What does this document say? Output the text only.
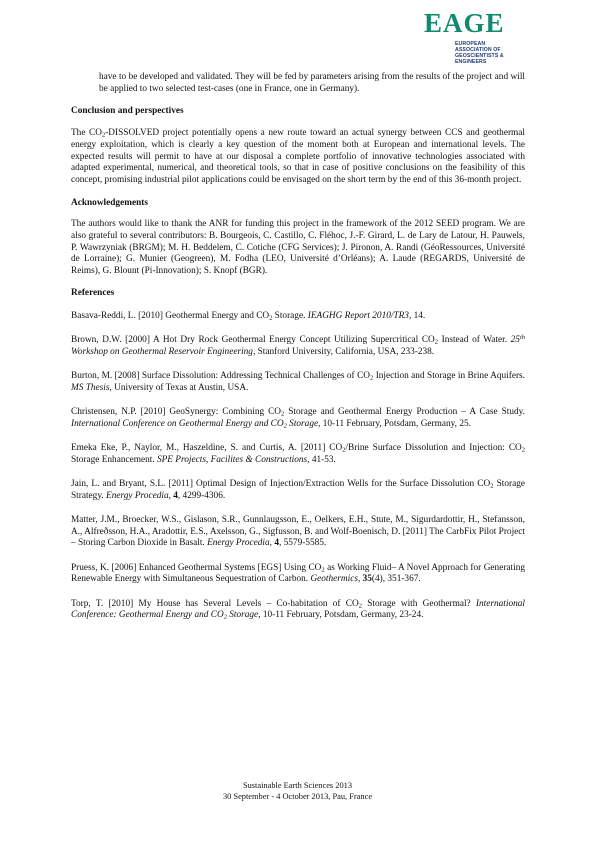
EAGE
EUROPEAN
ASSOCIATION OF
GEOSCIENTISTS &
ENGINEERS

have to be developed and validated. They will be fed by parameters arising from the results of the project and will be applied to two selected test-cases (one in France, one in Germany).

Conclusion and perspectives

The $CO_2$-DISSOLVED project potentially opens a new route toward an actual synergy between CCS and geothermal energy exploitation, which is clearly a key question of the moment both at European and international levels. The expected results will permit to have at our disposal a complete portfolio of innovative technologies associated with adapted experimental, numerical, and theoretical tools, so that in case of positive conclusions on the feasibility of this concept, promising industrial pilot applications could be envisaged on the short term by the end of this 36-month project.

Acknowledgements

The authors would like to thank the ANR for funding this project in the framework of the 2012 SEED program. We are also grateful to several contributors: B. Bourgeois, C. Castillo, C. Fléhoc, J.-F. Girard, L. de Lary de Latour, H. Pauwels, P. Wawrzyniak (BRGM); M. H. Beddelem, C. Cotiche (CFG Services); J. Pironon, A. Randi (GéoRessources, Université de Lorraine); G. Munier (Geogreen), M. Fodha (LEO, Université d’Orléans); A. Laude (REGARDS, Université de Reims), G. Blount (Pi-Innovation); S. Knopf (BGR).

References

Basava-Reddi, L. [2010] Geothermal Energy and $CO_2$ Storage. IEAGHG Report 2010/TR3, 14.

Brown, D.W. [2000] A Hot Dry Rock Geothermal Energy Concept Utilizing Supercritical $CO_2$ Instead of Water. 25th Workshop on Geothermal Reservoir Engineering, Stanford University, California, USA, 233-238.

Burton, M. [2008] Surface Dissolution: Addressing Technical Challenges of $CO_2$ Injection and Storage in Brine Aquifers. MS Thesis, University of Texas at Austin, USA.

Christensen, N.P. [2010] GeoSynergy: Combining $CO_2$ Storage and Geothermal Energy Production – A Case Study. International Conference on Geothermal Energy and $CO_2$ Storage, 10-11 February, Potsdam, Germany, 25.

Emeka Eke, P., Naylor, M., Haszeldine, S. and Curtis, A. [2011] $CO_2$/Brine Surface Dissolution and Injection: $CO_2$ Storage Enhancement. SPE Projects, Facilites & Constructions, 41-53.

Jain, L. and Bryant, S.L. [2011] Optimal Design of Injection/Extraction Wells for the Surface Dissolution $CO_2$ Storage Strategy. Energy Procedia, 4, 4299-4306.

Matter, J.M., Broecker, W.S., Gislason, S.R., Gunnlaugsson, E., Oelkers, E.H., Stute, M., Sigurdardottir, H., Stefansson, A., Alfreðsson, H.A., Aradottir, E.S., Axelsson, G., Sigfusson, B. and Wolf-Boenisch, D. [2011] The CarbFix Pilot Project – Storing Carbon Dioxide in Basalt. Energy Procedia, 4, 5579-5585.

Pruess, K. [2006] Enhanced Geothermal Systems [EGS] Using $CO_2$ as Working Fluid– A Novel Approach for Generating Renewable Energy with Simultaneous Sequestration of Carbon. Geothermics, 35(4), 351-367.

Torp, T. [2010] My House has Several Levels – Co-habitation of $CO_2$ Storage with Geothermal? International Conference: Geothermal Energy and $CO_2$ Storage, 10-11 February, Potsdam, Germany, 23-24.

Sustainable Earth Sciences 2013
30 September - 4 October 2013, Pau, France
